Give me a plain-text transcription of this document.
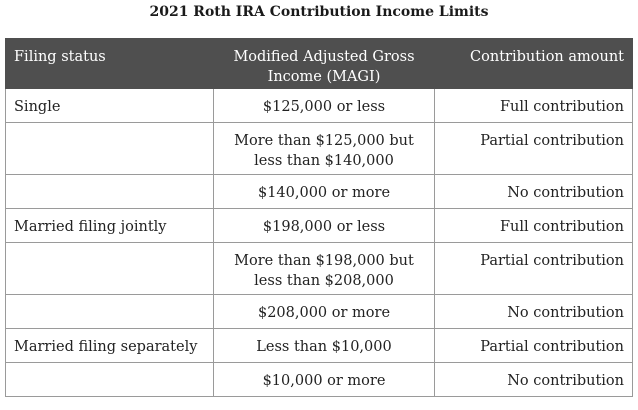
2021 Roth IRA Contribution Income Limits
Filing status	Modified Adjusted Gross Income (MAGI)	Contribution amount
Single	$125,000 or less	Full contribution
	More than $125,000 but less than $140,000	Partial contribution
	$140,000 or more	No contribution
Married filing jointly	$198,000 or less	Full contribution
	More than $198,000 but less than $208,000	Partial contribution
	$208,000 or more	No contribution
Married filing separately	Less than $10,000	Partial contribution
	$10,000 or more	No contribution
